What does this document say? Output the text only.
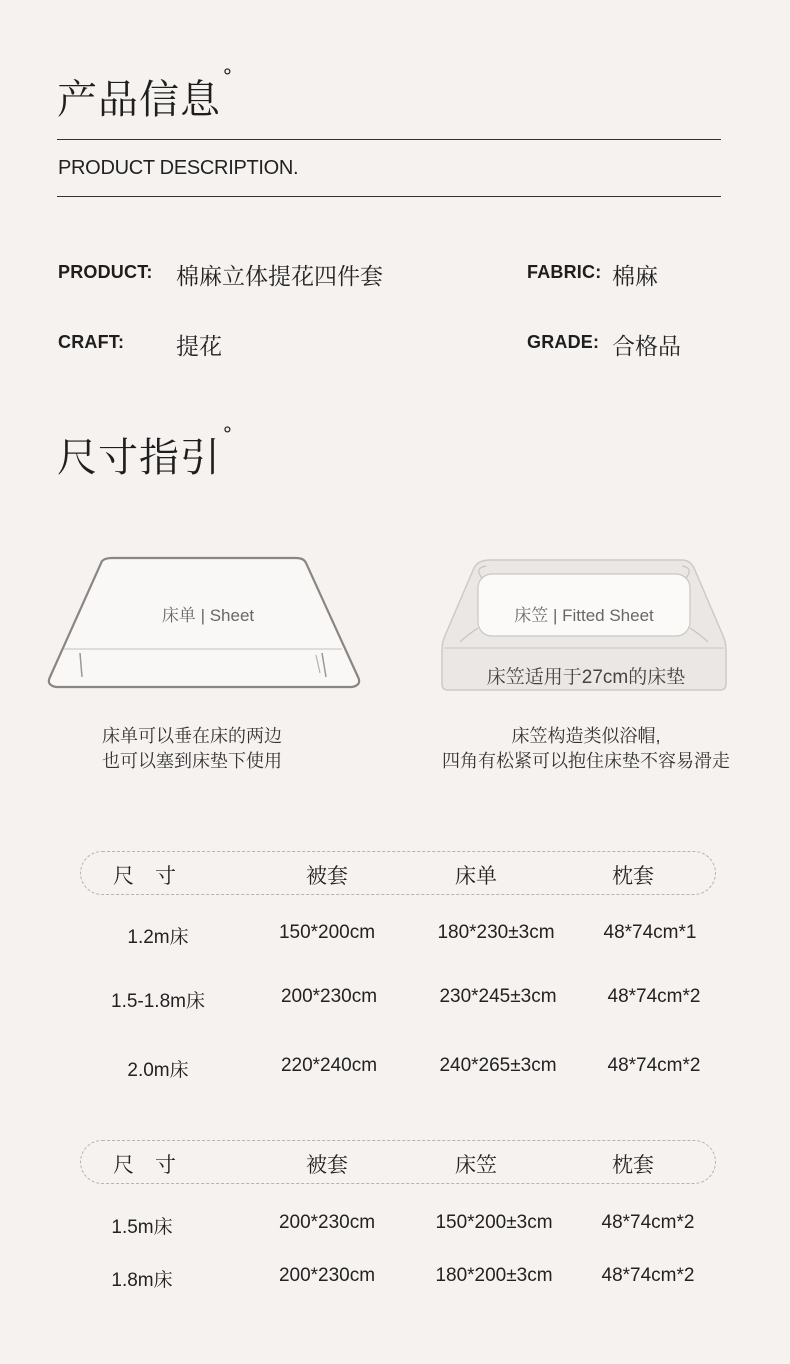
产品信息°
PRODUCT DESCRIPTION.
PRODUCT: 棉麻立体提花四件套	FABRIC: 棉麻
CRAFT: 提花	GRADE: 合格品
尺寸指引°
床单 | Sheet	床笠 | Fitted Sheet
床笠适用于27cm的床垫
床单可以垂在床的两边
也可以塞到床垫下使用
床笠构造类似浴帽,
四角有松紧可以抱住床垫不容易滑走
尺　寸	被套	床单	枕套
1.2m床	150*200cm	180*230±3cm	48*74cm*1
1.5-1.8m床	200*230cm	230*245±3cm	48*74cm*2
2.0m床	220*240cm	240*265±3cm	48*74cm*2
尺　寸	被套	床笠	枕套
1.5m床	200*230cm	150*200±3cm	48*74cm*2
1.8m床	200*230cm	180*200±3cm	48*74cm*2
